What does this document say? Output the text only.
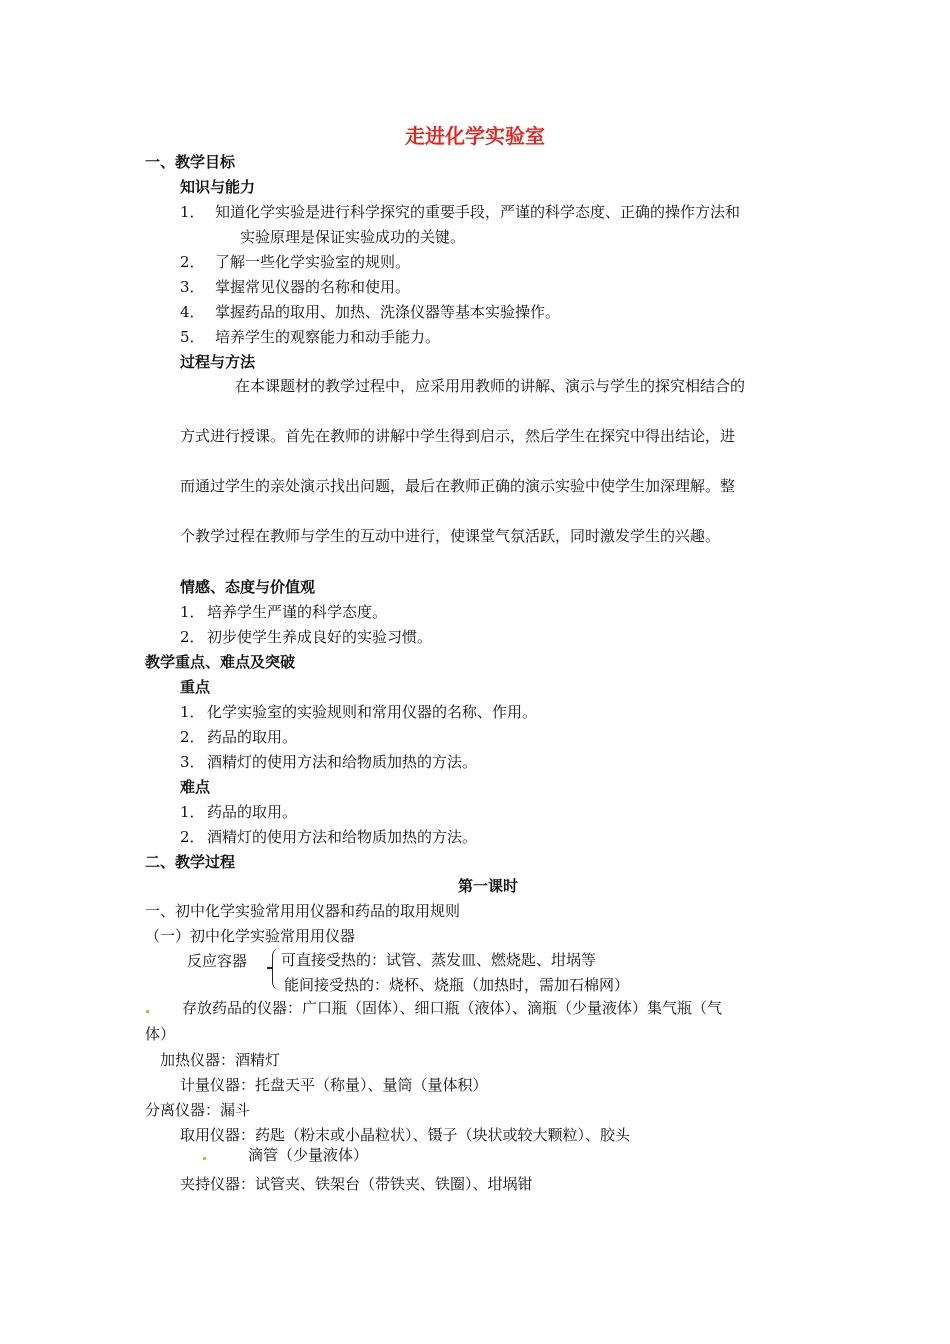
走进化学实验室
一、教学目标
知识与能力
1． 知道化学实验是进行科学探究的重要手段，严谨的科学态度、正确的操作方法和
实验原理是保证实验成功的关键。
2． 了解一些化学实验室的规则。
3． 掌握常见仪器的名称和使用。
4． 掌握药品的取用、加热、洗涤仪器等基本实验操作。
5． 培养学生的观察能力和动手能力。
过程与方法
在本课题材的教学过程中，应采用用教师的讲解、演示与学生的探究相结合的
方式进行授课。首先在教师的讲解中学生得到启示，然后学生在探究中得出结论，进
而通过学生的亲处演示找出问题，最后在教师正确的演示实验中使学生加深理解。整
个教学过程在教师与学生的互动中进行，使课堂气氛活跃，同时激发学生的兴趣。
情感、态度与价值观
1． 培养学生严谨的科学态度。
2． 初步使学生养成良好的实验习惯。
教学重点、难点及突破
重点
1． 化学实验室的实验规则和常用仪器的名称、作用。
2． 药品的取用。
3． 酒精灯的使用方法和给物质加热的方法。
难点
1． 药品的取用。
2． 酒精灯的使用方法和给物质加热的方法。
二、教学过程
第一课时
一、初中化学实验常用用仪器和药品的取用规则
（一）初中化学实验常用用仪器
反应容器 可直接受热的：试管、蒸发皿、燃烧匙、坩埚等
能间接受热的：烧杯、烧瓶（加热时，需加石棉网）
存放药品的仪器：广口瓶（固体）、细口瓶（液体）、滴瓶（少量液体）集气瓶（气
体）
加热仪器：酒精灯
计量仪器：托盘天平（称量）、量筒（量体积）
分离仪器：漏斗
取用仪器：药匙（粉末或小晶粒状）、镊子（块状或较大颗粒）、胶头
滴管（少量液体）
夹持仪器：试管夹、铁架台（带铁夹、铁圈）、坩埚钳
